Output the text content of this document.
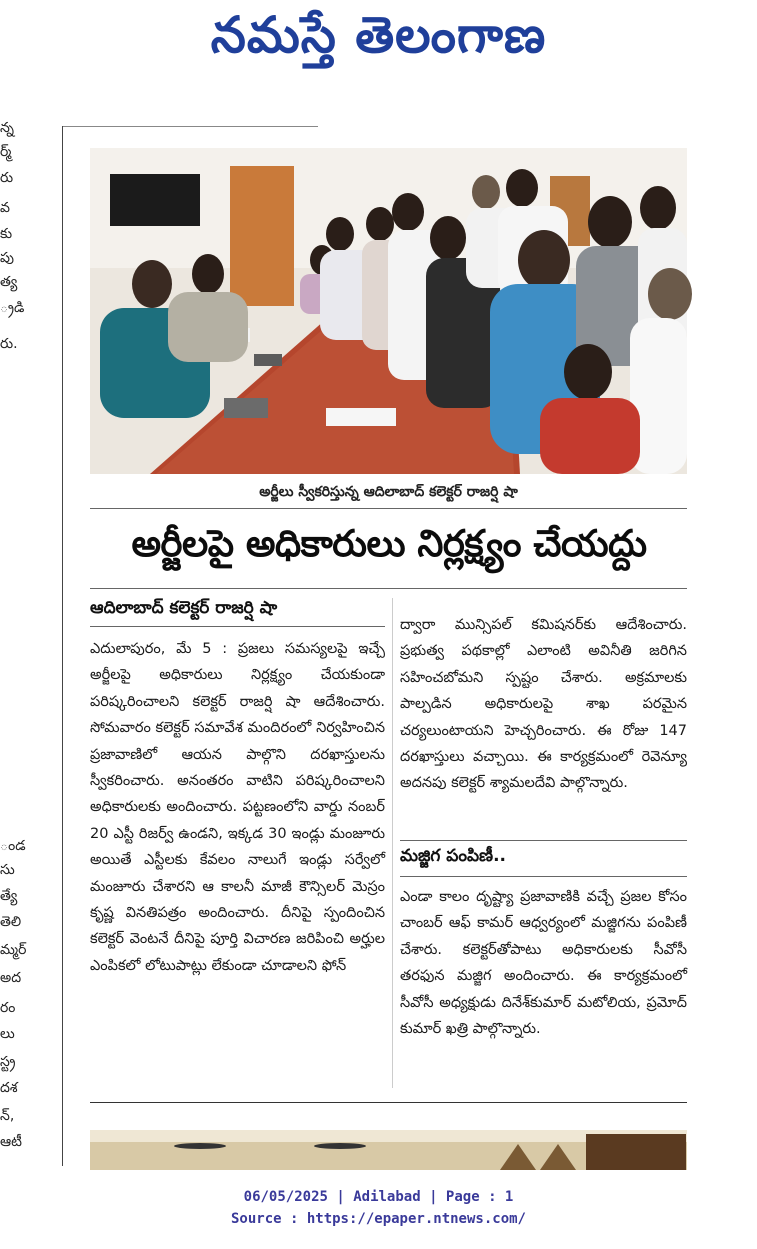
నమస్తే తెలంగాణ
న్న
ర్మ్
రు
వ
కు
పు
త్య
్రడి
రు.
ండ
సు
త్యే
తెలి
మ్మర్
అద
రం
లు
స్ట్ర
దశ
న్,
ఆటీ
అర్జీలు స్వీకరిస్తున్న ఆదిలాబాద్ కలెక్టర్ రాజర్షి షా
అర్జీలపై అధికారులు నిర్లక్ష్యం చేయద్దు
ఆదిలాబాద్ కలెక్టర్ రాజర్షి షా

ఎదులాపురం, మే 5 : ప్రజలు సమస్యలపై ఇచ్చే అర్జీలపై అధికారులు నిర్లక్ష్యం చేయకుండా పరిష్కరించాలని కలెక్టర్ రాజర్షి షా ఆదేశించారు. సోమవారం కలెక్టర్ సమావేశ మందిరంలో నిర్వహించిన ప్రజావాణిలో ఆయన పాల్గొని దరఖాస్తులను స్వీకరించారు. అనంతరం వాటిని పరిష్కరించాలని అధికారులకు అందించారు. పట్టణంలోని వార్డు నంబర్ 20 ఎస్టీ రిజర్వ్ ఉండని, ఇక్కడ 30 ఇండ్లు మంజూరు అయితే ఎస్టీలకు కేవలం నాలుగే ఇండ్లు సర్వేలో మంజూరు చేశారని ఆ కాలనీ మాజీ కౌన్సిలర్ మెస్రం కృష్ణ వినతిపత్రం అందించారు. దీనిపై స్పందించిన కలెక్టర్ వెంటనే దీనిపై పూర్తి విచారణ జరిపించి అర్హుల ఎంపికలో లోటుపాట్లు లేకుండా చూడాలని ఫోన్

ద్వారా మున్సిపల్ కమిషనర్‌కు ఆదేశించారు. ప్రభుత్వ పథకాల్లో ఎలాంటి అవినీతి జరిగిన సహించబోమని స్పష్టం చేశారు. అక్రమాలకు పాల్పడిన అధికారులపై శాఖ పరమైన చర్యలుంటాయని హెచ్చరించారు. ఈ రోజు 147 దరఖాస్తులు వచ్చాయి. ఈ కార్యక్రమంలో రెవెన్యూ అదనపు కలెక్టర్ శ్యామలదేవి పాల్గొన్నారు.

మజ్జిగ పంపిణీ..

ఎండా కాలం దృష్ట్యా ప్రజావాణికి వచ్చే ప్రజల కోసం చాంబర్ ఆఫ్ కామర్ ఆధ్వర్యంలో మజ్జిగను పంపిణీ చేశారు. కలెక్టర్‌తోపాటు అధికారులకు సీవోసీ తరఫున మజ్జిగ అందించారు. ఈ కార్యక్రమంలో సీవోసీ అధ్యక్షుడు దినేశ్‌కుమార్ మటోలియ, ప్రమోద్ కుమార్ ఖత్రి పాల్గొన్నారు.

06/05/2025 | Adilabad | Page : 1
Source : https://epaper.ntnews.com/
